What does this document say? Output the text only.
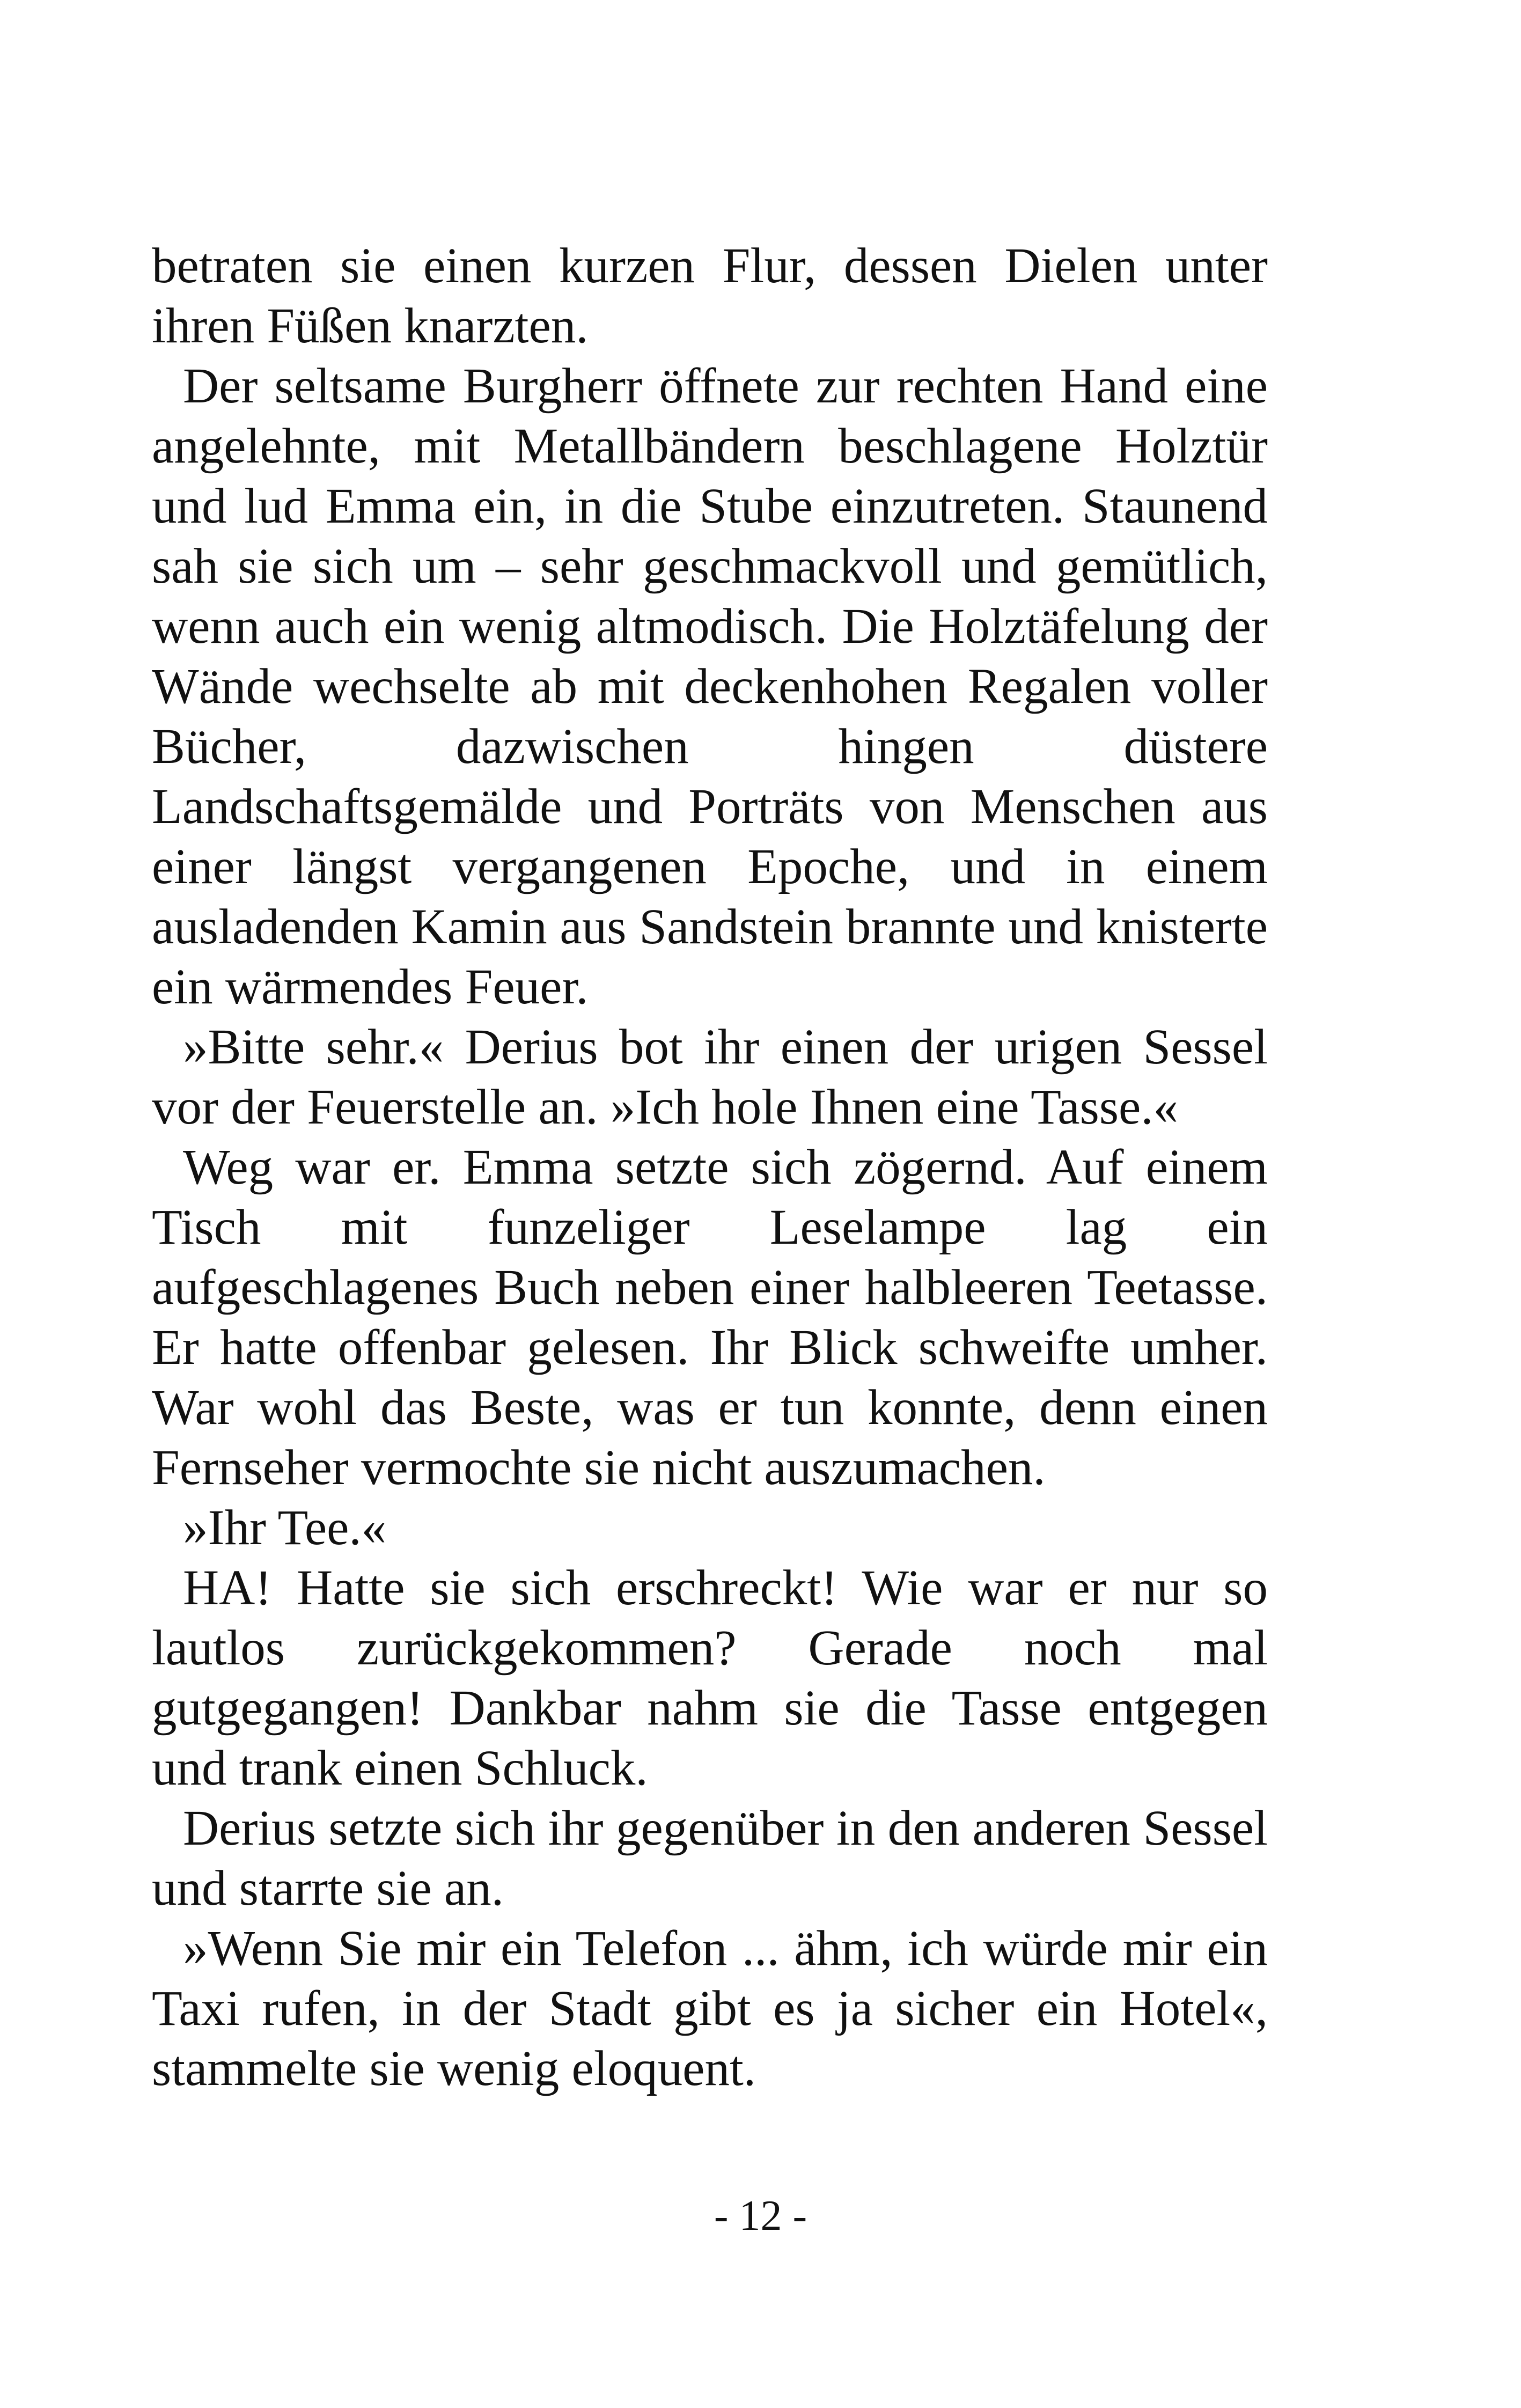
betraten sie einen kurzen Flur, dessen Dielen unter ihren Füßen knarzten.

Der seltsame Burgherr öffnete zur rechten Hand eine angelehnte, mit Metallbändern beschlagene Holztür und lud Emma ein, in die Stube einzutreten. Staunend sah sie sich um – sehr geschmackvoll und gemütlich, wenn auch ein wenig altmodisch. Die Holztäfelung der Wände wechselte ab mit deckenhohen Regalen voller Bücher, dazwischen hingen düstere Landschaftsgemälde und Porträts von Menschen aus einer längst vergangenen Epoche, und in einem ausladenden Kamin aus Sandstein brannte und knisterte ein wärmendes Feuer.

»Bitte sehr.« Derius bot ihr einen der urigen Sessel vor der Feuerstelle an. »Ich hole Ihnen eine Tasse.«

Weg war er. Emma setzte sich zögernd. Auf einem Tisch mit funzeliger Leselampe lag ein aufgeschlagenes Buch neben einer halbleeren Teetasse. Er hatte offenbar gelesen. Ihr Blick schweifte umher. War wohl das Beste, was er tun konnte, denn einen Fernseher vermochte sie nicht auszumachen.

»Ihr Tee.«

HA! Hatte sie sich erschreckt! Wie war er nur so lautlos zurückgekommen? Gerade noch mal gutgegangen! Dankbar nahm sie die Tasse entgegen und trank einen Schluck.

Derius setzte sich ihr gegenüber in den anderen Sessel und starrte sie an.

»Wenn Sie mir ein Telefon ... ähm, ich würde mir ein Taxi rufen, in der Stadt gibt es ja sicher ein Hotel«, stammelte sie wenig eloquent.

- 12 -
